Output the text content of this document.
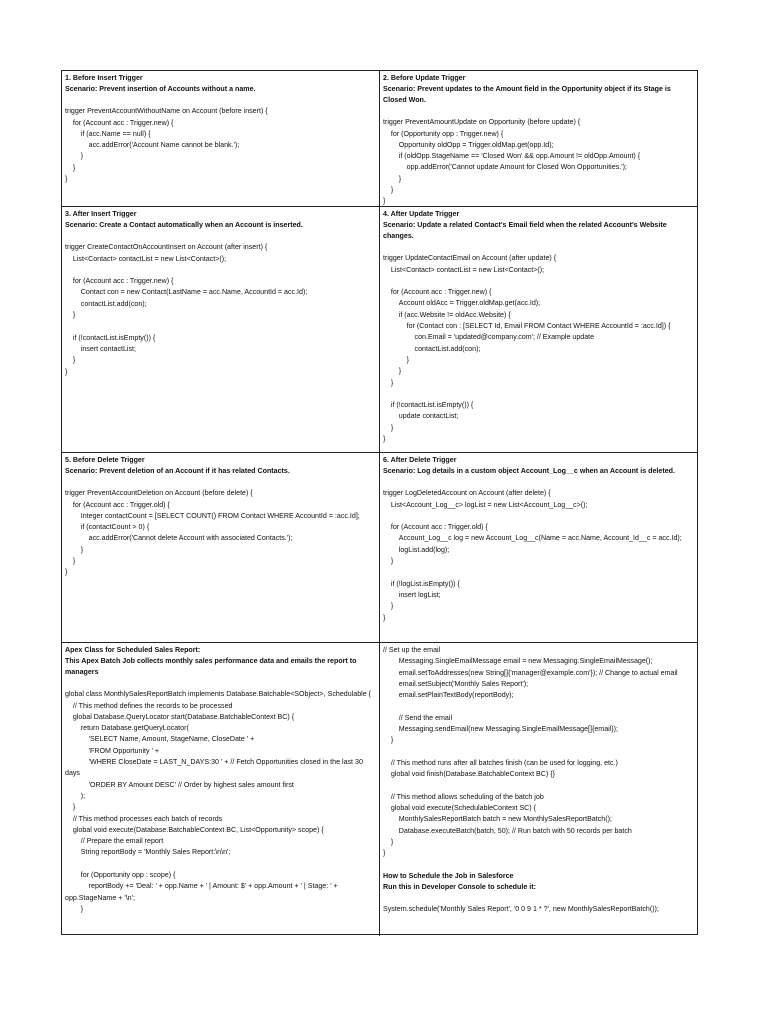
1. Before Insert Trigger
Scenario: Prevent insertion of Accounts without a name.

trigger PreventAccountWithoutName on Account (before insert) {
for (Account acc : Trigger.new) {
if (acc.Name == null) {
acc.addError('Account Name cannot be blank.');
}
}
}
2. Before Update Trigger
Scenario: Prevent updates to the Amount field in the Opportunity object if its Stage is Closed Won.

trigger PreventAmountUpdate on Opportunity (before update) {
for (Opportunity opp : Trigger.new) {
Opportunity oldOpp = Trigger.oldMap.get(opp.Id);
if (oldOpp.StageName == 'Closed Won' && opp.Amount != oldOpp.Amount) {
opp.addError('Cannot update Amount for Closed Won Opportunities.');
}
}
}
3. After Insert Trigger
Scenario: Create a Contact automatically when an Account is inserted.

trigger CreateContactOnAccountInsert on Account (after insert) {
List<Contact> contactList = new List<Contact>();

for (Account acc : Trigger.new) {
Contact con = new Contact(LastName = acc.Name, AccountId = acc.Id);
contactList.add(con);
}

if (!contactList.isEmpty()) {
insert contactList;
}
}
4. After Update Trigger
Scenario: Update a related Contact's Email field when the related Account's Website changes.

trigger UpdateContactEmail on Account (after update) {
List<Contact> contactList = new List<Contact>();

for (Account acc : Trigger.new) {
Account oldAcc = Trigger.oldMap.get(acc.Id);
if (acc.Website != oldAcc.Website) {
for (Contact con : [SELECT Id, Email FROM Contact WHERE AccountId = :acc.Id]) {
con.Email = 'updated@company.com'; // Example update
contactList.add(con);
}
}
}

if (!contactList.isEmpty()) {
update contactList;
}
}
5. Before Delete Trigger
Scenario: Prevent deletion of an Account if it has related Contacts.

trigger PreventAccountDeletion on Account (before delete) {
for (Account acc : Trigger.old) {
Integer contactCount = [SELECT COUNT() FROM Contact WHERE AccountId = :acc.Id];
if (contactCount > 0) {
acc.addError('Cannot delete Account with associated Contacts.');
}
}
}
6. After Delete Trigger
Scenario: Log details in a custom object Account_Log__c when an Account is deleted.

trigger LogDeletedAccount on Account (after delete) {
List<Account_Log__c> logList = new List<Account_Log__c>();

for (Account acc : Trigger.old) {
Account_Log__c log = new Account_Log__c(Name = acc.Name, Account_Id__c = acc.Id);
logList.add(log);
}

if (!logList.isEmpty()) {
insert logList;
}
}
Apex Class for Scheduled Sales Report:
This Apex Batch Job collects monthly sales performance data and emails the report to managers

global class MonthlySalesReportBatch implements Database.Batchable<SObject>, Schedulable {
// This method defines the records to be processed
global Database.QueryLocator start(Database.BatchableContext BC) {
return Database.getQueryLocator(
'SELECT Name, Amount, StageName, CloseDate ' +
'FROM Opportunity ' +
'WHERE CloseDate = LAST_N_DAYS:30 ' + // Fetch Opportunities closed in the last 30 days
'ORDER BY Amount DESC' // Order by highest sales amount first
);
}
// This method processes each batch of records
global void execute(Database.BatchableContext BC, List<Opportunity> scope) {
// Prepare the email report
String reportBody = 'Monthly Sales Report:\n\n';

for (Opportunity opp : scope) {
reportBody += 'Deal: ' + opp.Name + ' | Amount: $' + opp.Amount + ' | Stage: ' + opp.StageName + '\n';
}
// Set up the email
Messaging.SingleEmailMessage email = new Messaging.SingleEmailMessage();
email.setToAddresses(new String[]{'manager@example.com'}); // Change to actual email
email.setSubject('Monthly Sales Report');
email.setPlainTextBody(reportBody);

// Send the email
Messaging.sendEmail(new Messaging.SingleEmailMessage[]{email});
}

// This method runs after all batches finish (can be used for logging, etc.)
global void finish(Database.BatchableContext BC) {}

// This method allows scheduling of the batch job
global void execute(SchedulableContext SC) {
MonthlySalesReportBatch batch = new MonthlySalesReportBatch();
Database.executeBatch(batch, 50); // Run batch with 50 records per batch
}
}

How to Schedule the Job in Salesforce
Run this in Developer Console to schedule it:

System.schedule('Monthly Sales Report', '0 0 9 1 * ?', new MonthlySalesReportBatch());
